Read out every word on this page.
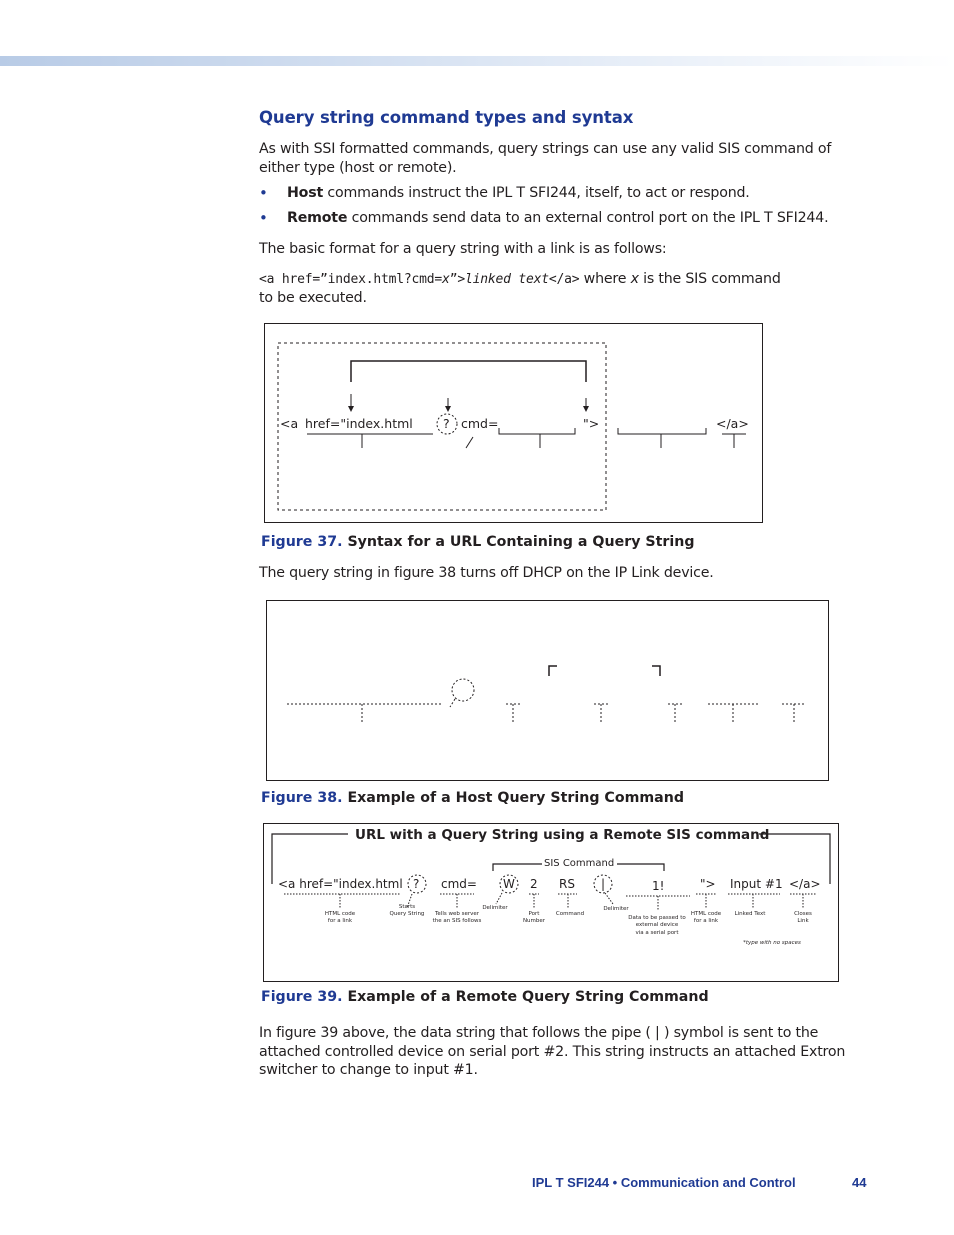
Query string command types and syntax

As with SSI formatted commands, query strings can use any valid SIS command of either type (host or remote).

• Host commands instruct the IPL T SFI244, itself, to act or respond.
• Remote commands send data to an external control port on the IPL T SFI244.

The basic format for a query string with a link is as follows:

<a href=”index.html?cmd=x”>linked text</a> where x is the SIS command

to be executed.

<a href="index.html ? cmd=	">	</a>
Figure 37. Syntax for a URL Containing a Query String

The query string in figure 38 turns off DHCP on the IP Link device.

Figure 38. Example of a Host Query String Command
URL with a Query String using a Remote SIS command
SIS Command
<a href="index.html ? cmd= W 2 RS |	1!	"> Input #1 </a>
HTML code
for a link
Starts
Query String Tells web server
the an SIS follows
Delimiter
Port
Number
Command
Delimiter
Data to be passed to
external device
via a serial port
HTML code
for a link
Linked Text	Closes
Link
*type with no spaces
Figure 39. Example of a Remote Query String Command

In figure 39 above, the data string that follows the pipe ( | ) symbol is sent to the attached controlled device on serial port #2. This string instructs an attached Extron switcher to change to input #1.

IPL T SFI244 • Communication and Control	44
